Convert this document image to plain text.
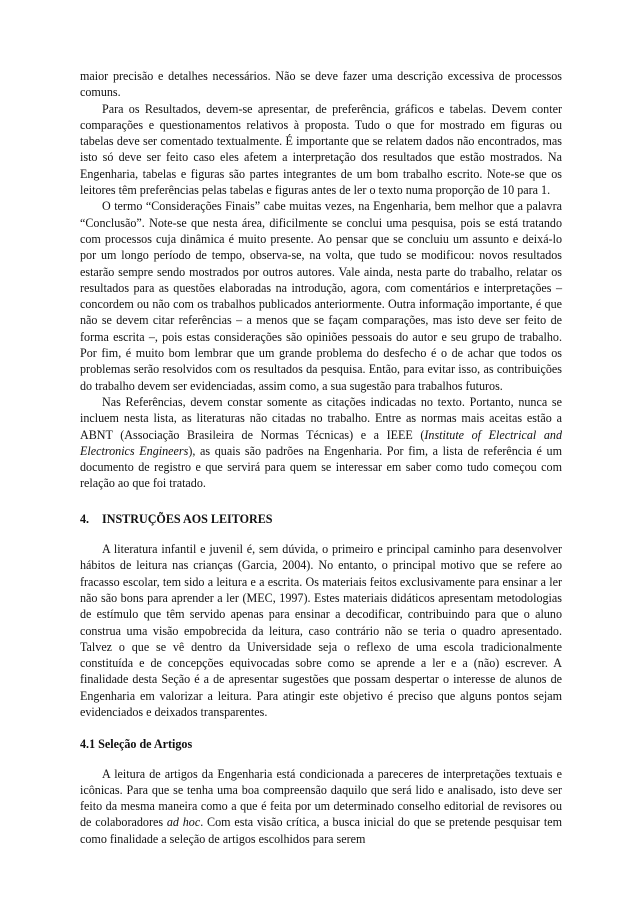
maior precisão e detalhes necessários. Não se deve fazer uma descrição excessiva de processos comuns.

Para os Resultados, devem-se apresentar, de preferência, gráficos e tabelas. Devem conter comparações e questionamentos relativos à proposta. Tudo o que for mostrado em figuras ou tabelas deve ser comentado textualmente. É importante que se relatem dados não encontrados, mas isto só deve ser feito caso eles afetem a interpretação dos resultados que estão mostrados. Na Engenharia, tabelas e figuras são partes integrantes de um bom trabalho escrito. Note-se que os leitores têm preferências pelas tabelas e figuras antes de ler o texto numa proporção de 10 para 1.

O termo “Considerações Finais” cabe muitas vezes, na Engenharia, bem melhor que a palavra “Conclusão”. Note-se que nesta área, dificilmente se conclui uma pesquisa, pois se está tratando com processos cuja dinâmica é muito presente. Ao pensar que se concluiu um assunto e deixá-lo por um longo período de tempo, observa-se, na volta, que tudo se modificou: novos resultados estarão sempre sendo mostrados por outros autores. Vale ainda, nesta parte do trabalho, relatar os resultados para as questões elaboradas na introdução, agora, com comentários e interpretações – concordem ou não com os trabalhos publicados anteriormente. Outra informação importante, é que não se devem citar referências – a menos que se façam comparações, mas isto deve ser feito de forma escrita –, pois estas considerações são opiniões pessoais do autor e seu grupo de trabalho. Por fim, é muito bom lembrar que um grande problema do desfecho é o de achar que todos os problemas serão resolvidos com os resultados da pesquisa. Então, para evitar isso, as contribuições do trabalho devem ser evidenciadas, assim como, a sua sugestão para trabalhos futuros.

Nas Referências, devem constar somente as citações indicadas no texto. Portanto, nunca se incluem nesta lista, as literaturas não citadas no trabalho. Entre as normas mais aceitas estão a ABNT (Associação Brasileira de Normas Técnicas) e a IEEE (Institute of Electrical and Electronics Engineers), as quais são padrões na Engenharia. Por fim, a lista de referência é um documento de registro e que servirá para quem se interessar em saber como tudo começou com relação ao que foi tratado.

4.	INSTRUÇÕES AOS LEITORES

A literatura infantil e juvenil é, sem dúvida, o primeiro e principal caminho para desenvolver hábitos de leitura nas crianças (Garcia, 2004). No entanto, o principal motivo que se refere ao fracasso escolar, tem sido a leitura e a escrita. Os materiais feitos exclusivamente para ensinar a ler não são bons para aprender a ler (MEC, 1997). Estes materiais didáticos apresentam metodologias de estímulo que têm servido apenas para ensinar a decodificar, contribuindo para que o aluno construa uma visão empobrecida da leitura, caso contrário não se teria o quadro apresentado. Talvez o que se vê dentro da Universidade seja o reflexo de uma escola tradicionalmente constituída e de concepções equivocadas sobre como se aprende a ler e a (não) escrever. A finalidade desta Seção é a de apresentar sugestões que possam despertar o interesse de alunos de Engenharia em valorizar a leitura. Para atingir este objetivo é preciso que alguns pontos sejam evidenciados e deixados transparentes.

4.1 Seleção de Artigos

A leitura de artigos da Engenharia está condicionada a pareceres de interpretações textuais e icônicas. Para que se tenha uma boa compreensão daquilo que será lido e analisado, isto deve ser feito da mesma maneira como a que é feita por um determinado conselho editorial de revisores ou de colaboradores ad hoc. Com esta visão crítica, a busca inicial do que se pretende pesquisar tem como finalidade a seleção de artigos escolhidos para serem
